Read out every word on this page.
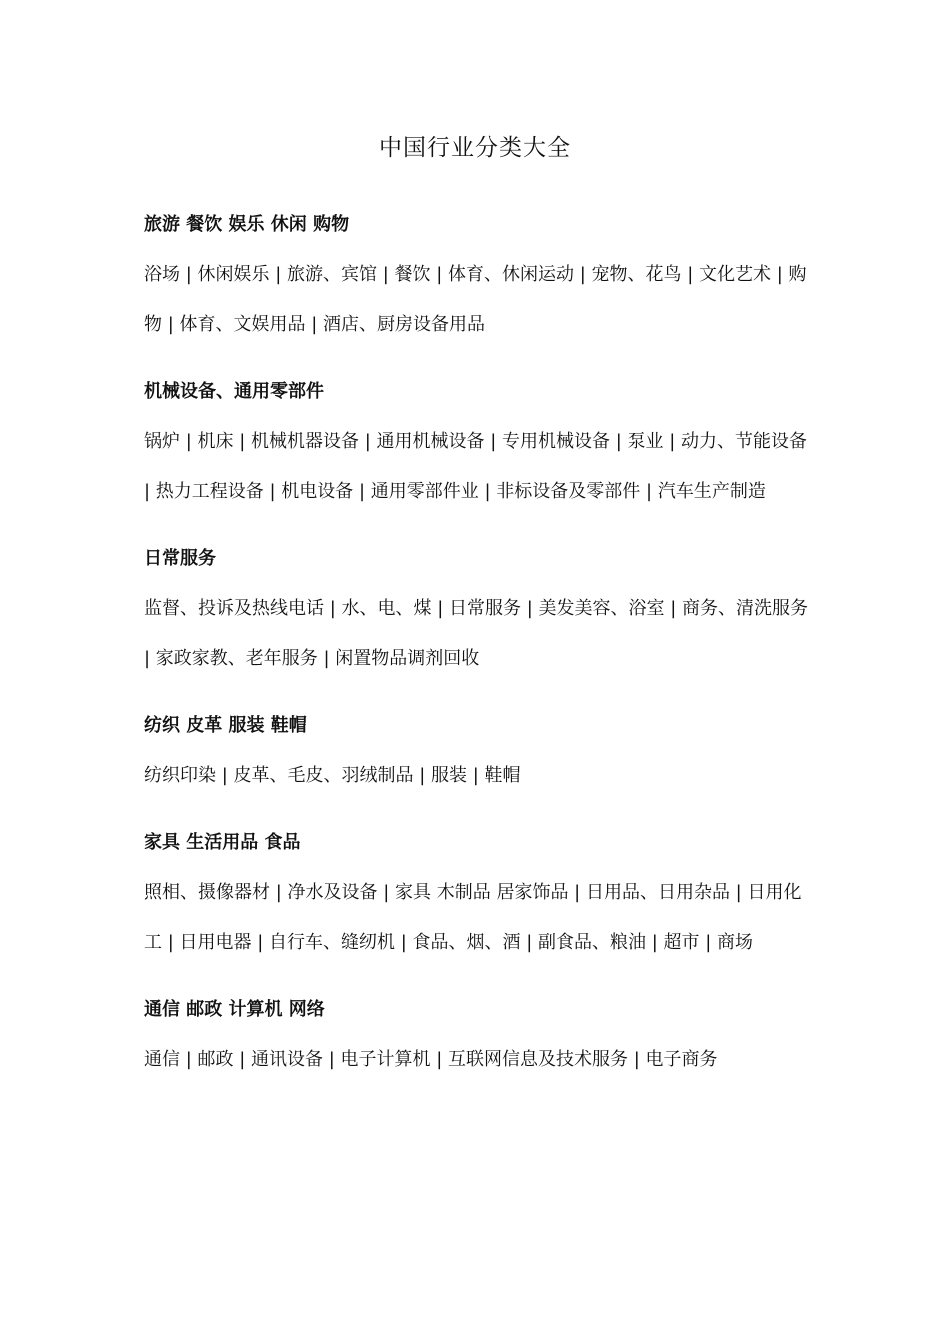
中国行业分类大全
旅游 餐饮 娱乐 休闲 购物

浴场 | 休闲娱乐 | 旅游、宾馆 | 餐饮 | 体育、休闲运动 | 宠物、花鸟 | 文化艺术 | 购物 | 体育、文娱用品 | 酒店、厨房设备用品

机械设备、通用零部件

锅炉 | 机床 | 机械机器设备 | 通用机械设备 | 专用机械设备 | 泵业 | 动力、节能设备 | 热力工程设备 | 机电设备 | 通用零部件业 | 非标设备及零部件 | 汽车生产制造

日常服务

监督、投诉及热线电话 | 水、电、煤 | 日常服务 | 美发美容、浴室 | 商务、清洗服务 | 家政家教、老年服务 | 闲置物品调剂回收

纺织 皮革 服装 鞋帽

纺织印染 | 皮革、毛皮、羽绒制品 | 服装 | 鞋帽

家具 生活用品 食品

照相、摄像器材 | 净水及设备 | 家具 木制品 居家饰品 | 日用品、日用杂品 | 日用化工 | 日用电器 | 自行车、缝纫机 | 食品、烟、酒 | 副食品、粮油 | 超市 | 商场

通信 邮政 计算机 网络

通信 | 邮政 | 通讯设备 | 电子计算机 | 互联网信息及技术服务 | 电子商务
